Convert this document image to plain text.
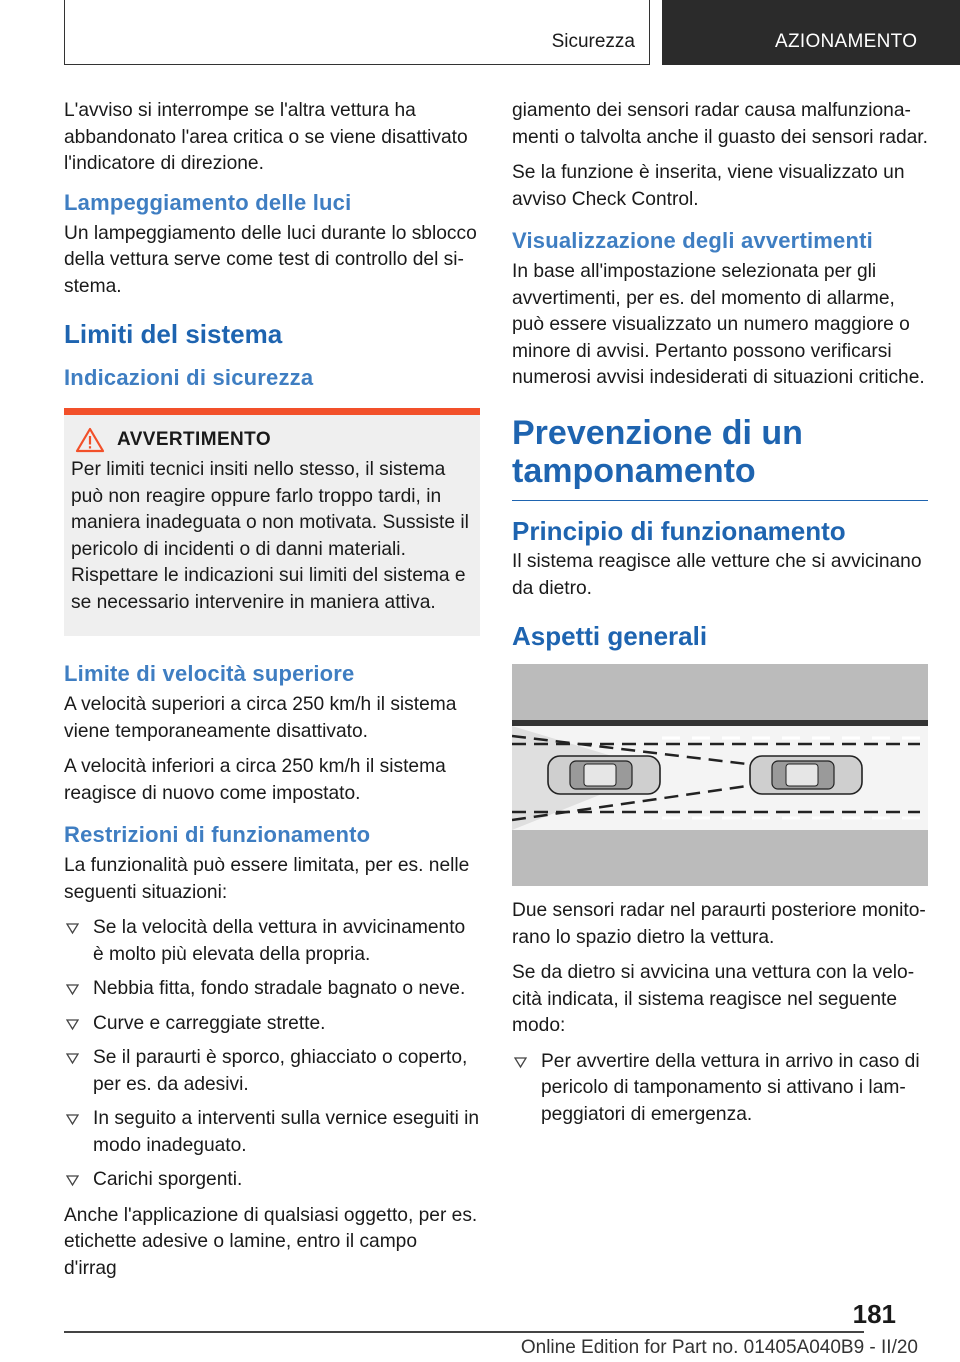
Sicurezza	AZIONAMENTO

L'avviso si interrompe se l'altra vettura ha abbandonato l'area critica o se viene disattivato l'indicatore di direzione.

Lampeggiamento delle luci

Un lampeggiamento delle luci durante lo sblocco della vettura serve come test di controllo del sistema.

Limiti del sistema
Indicazioni di sicurezza
AVVERTIMENTO

Per limiti tecnici insiti nello stesso, il sistema può non reagire oppure farlo troppo tardi, in maniera inadeguata o non motivata. Sussiste il pericolo di incidenti o di danni materiali. Rispettare le indicazioni sui limiti del sistema e se necessario intervenire in maniera attiva.

Limite di velocità superiore

A velocità superiori a circa 250 km/h il sistema viene temporaneamente disattivato.

A velocità inferiori a circa 250 km/h il sistema reagisce di nuovo come impostato.

Restrizioni di funzionamento

La funzionalità può essere limitata, per es. nelle seguenti situazioni:

Se la velocità della vettura in avvicinamento è molto più elevata della propria.
Nebbia fitta, fondo stradale bagnato o neve.
Curve e carreggiate strette.
Se il paraurti è sporco, ghiacciato o coperto, per es. da adesivi.
In seguito a interventi sulla vernice eseguiti in modo inadeguato.
Carichi sporgenti.

Anche l'applicazione di qualsiasi oggetto, per es. etichette adesive o lamine, entro il campo d'irrag

giamento dei sensori radar causa malfunzionamenti o talvolta anche il guasto dei sensori radar.

Se la funzione è inserita, viene visualizzato un avviso Check Control.

Visualizzazione degli avvertimenti

In base all'impostazione selezionata per gli avvertimenti, per es. del momento di allarme, può essere visualizzato un numero maggiore o minore di avvisi. Pertanto possono verificarsi numerosi avvisi indesiderati di situazioni critiche.

Prevenzione di un tamponamento
Principio di funzionamento

Il sistema reagisce alle vetture che si avvicinano da dietro.

Aspetti generali

Due sensori radar nel paraurti posteriore monitorano lo spazio dietro la vettura.

Se da dietro si avvicina una vettura con la velocità indicata, il sistema reagisce nel seguente modo:

Per avvertire della vettura in arrivo in caso di pericolo di tamponamento si attivano i lampeggiatori di emergenza.
181
Online Edition for Part no. 01405A040B9 - II/20
